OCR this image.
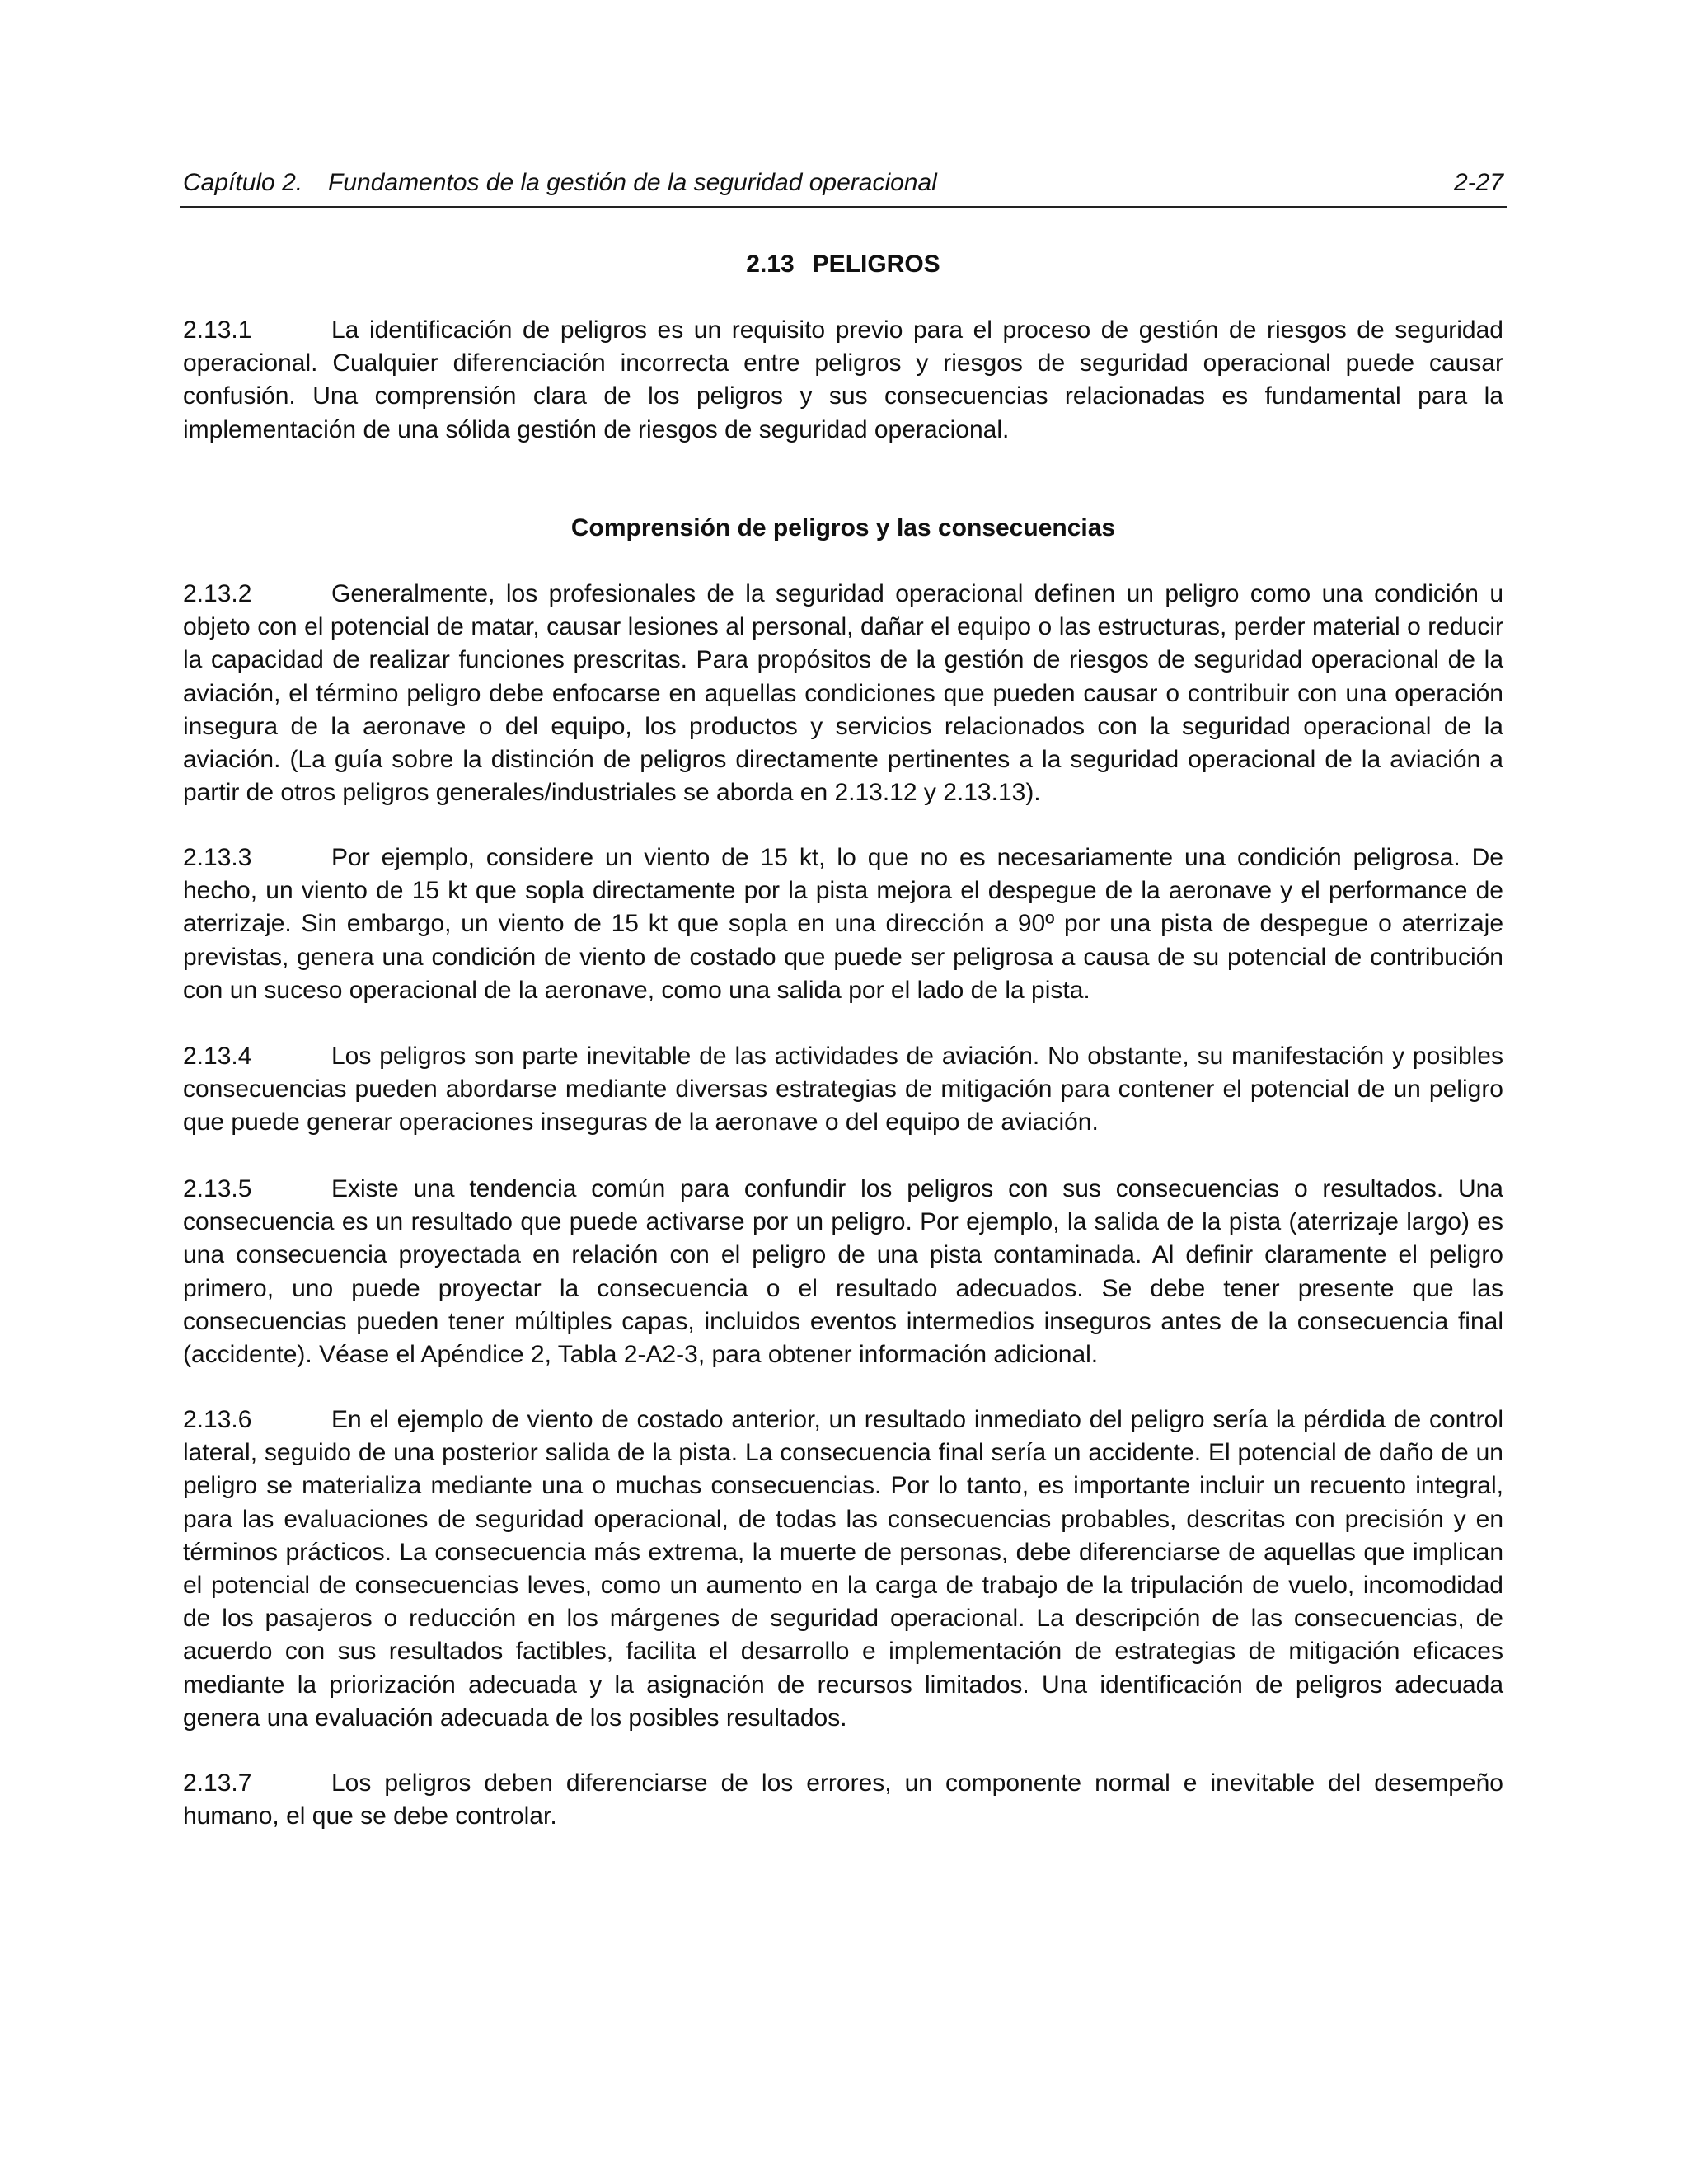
Capítulo 2. Fundamentos de la gestión de la seguridad operacional	2-27
2.13 PELIGROS

2.13.1	La identificación de peligros es un requisito previo para el proceso de gestión de riesgos de seguridad operacional. Cualquier diferenciación incorrecta entre peligros y riesgos de seguridad operacional puede causar confusión. Una comprensión clara de los peligros y sus consecuencias relacionadas es fundamental para la implementación de una sólida gestión de riesgos de seguridad operacional.

Comprensión de peligros y las consecuencias

2.13.2	Generalmente, los profesionales de la seguridad operacional definen un peligro como una condición u objeto con el potencial de matar, causar lesiones al personal, dañar el equipo o las estructuras, perder material o reducir la capacidad de realizar funciones prescritas. Para propósitos de la gestión de riesgos de seguridad operacional de la aviación, el término peligro debe enfocarse en aquellas condiciones que pueden causar o contribuir con una operación insegura de la aeronave o del equipo, los productos y servicios relacionados con la seguridad operacional de la aviación. (La guía sobre la distinción de peligros directamente pertinentes a la seguridad operacional de la aviación a partir de otros peligros generales/industriales se aborda en 2.13.12 y 2.13.13).

2.13.3	Por ejemplo, considere un viento de 15 kt, lo que no es necesariamente una condición peligrosa. De hecho, un viento de 15 kt que sopla directamente por la pista mejora el despegue de la aeronave y el performance de aterrizaje. Sin embargo, un viento de 15 kt que sopla en una dirección a 90º por una pista de despegue o aterrizaje previstas, genera una condición de viento de costado que puede ser peligrosa a causa de su potencial de contribución con un suceso operacional de la aeronave, como una salida por el lado de la pista.

2.13.4	Los peligros son parte inevitable de las actividades de aviación. No obstante, su manifestación y posibles consecuencias pueden abordarse mediante diversas estrategias de mitigación para contener el potencial de un peligro que puede generar operaciones inseguras de la aeronave o del equipo de aviación.

2.13.5	Existe una tendencia común para confundir los peligros con sus consecuencias o resultados. Una consecuencia es un resultado que puede activarse por un peligro. Por ejemplo, la salida de la pista (aterrizaje largo) es una consecuencia proyectada en relación con el peligro de una pista contaminada. Al definir claramente el peligro primero, uno puede proyectar la consecuencia o el resultado adecuados. Se debe tener presente que las consecuencias pueden tener múltiples capas, incluidos eventos intermedios inseguros antes de la consecuencia final (accidente). Véase el Apéndice 2, Tabla 2-A2-3, para obtener información adicional.

2.13.6	En el ejemplo de viento de costado anterior, un resultado inmediato del peligro sería la pérdida de control lateral, seguido de una posterior salida de la pista. La consecuencia final sería un accidente. El potencial de daño de un peligro se materializa mediante una o muchas consecuencias. Por lo tanto, es importante incluir un recuento integral, para las evaluaciones de seguridad operacional, de todas las consecuencias probables, descritas con precisión y en términos prácticos. La consecuencia más extrema, la muerte de personas, debe diferenciarse de aquellas que implican el potencial de consecuencias leves, como un aumento en la carga de trabajo de la tripulación de vuelo, incomodidad de los pasajeros o reducción en los márgenes de seguridad operacional. La descripción de las consecuencias, de acuerdo con sus resultados factibles, facilita el desarrollo e implementación de estrategias de mitigación eficaces mediante la priorización adecuada y la asignación de recursos limitados. Una identificación de peligros adecuada genera una evaluación adecuada de los posibles resultados.

2.13.7	Los peligros deben diferenciarse de los errores, un componente normal e inevitable del desempeño humano, el que se debe controlar.
